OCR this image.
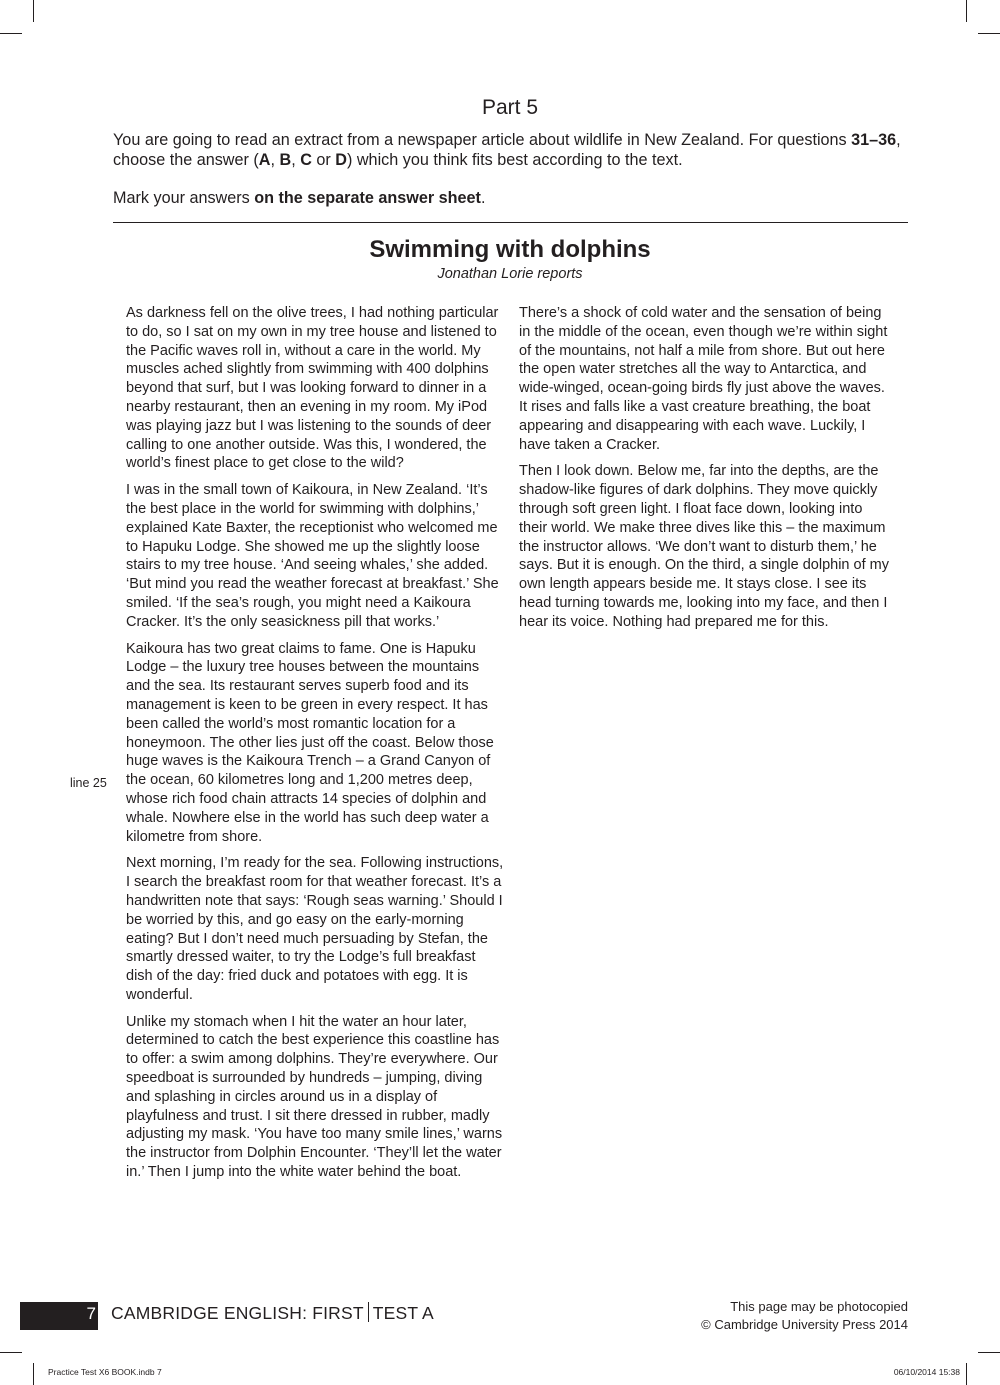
Part 5
You are going to read an extract from a newspaper article about wildlife in New Zealand. For questions 31–36, choose the answer (A, B, C or D) which you think fits best according to the text.
Mark your answers on the separate answer sheet.
Swimming with dolphins
Jonathan Lorie reports

As darkness fell on the olive trees, I had nothing particular to do, so I sat on my own in my tree house and listened to the Pacific waves roll in, without a care in the world. My muscles ached slightly from swimming with 400 dolphins beyond that surf, but I was looking forward to dinner in a nearby restaurant, then an evening in my room. My iPod was playing jazz but I was listening to the sounds of deer calling to one another outside. Was this, I wondered, the world’s finest place to get close to the wild?

I was in the small town of Kaikoura, in New Zealand. ‘It’s the best place in the world for swimming with dolphins,’ explained Kate Baxter, the receptionist who welcomed me to Hapuku Lodge. She showed me up the slightly loose stairs to my tree house. ‘And seeing whales,’ she added. ‘But mind you read the weather forecast at breakfast.’ She smiled. ‘If the sea’s rough, you might need a Kaikoura Cracker. It’s the only seasickness pill that works.’

Kaikoura has two great claims to fame. One is Hapuku Lodge – the luxury tree houses between the mountains and the sea. Its restaurant serves superb food and its management is keen to be green in every respect. It has been called the world’s most romantic location for a honeymoon. The other lies just off the coast. Below those huge waves is the Kaikoura Trench – a Grand Canyon of the ocean, 60 kilometres long and 1,200 metres deep, whose rich food chain attracts 14 species of dolphin and whale. Nowhere else in the world has such deep water a kilometre from shore.

Next morning, I’m ready for the sea. Following instructions, I search the breakfast room for that weather forecast. It’s a handwritten note that says: ‘Rough seas warning.’ Should I be worried by this, and go easy on the early-morning eating? But I don’t need much persuading by Stefan, the smartly dressed waiter, to try the Lodge’s full breakfast dish of the day: fried duck and potatoes with egg. It is wonderful.

Unlike my stomach when I hit the water an hour later, determined to catch the best experience this coastline has to offer: a swim among dolphins. They’re everywhere. Our speedboat is surrounded by hundreds – jumping, diving and splashing in circles around us in a display of playfulness and trust. I sit there dressed in rubber, madly adjusting my mask. ‘You have too many smile lines,’ warns the instructor from Dolphin Encounter. ‘They’ll let the water in.’ Then I jump into the white water behind the boat.

line 25

There’s a shock of cold water and the sensation of being in the middle of the ocean, even though we’re within sight of the mountains, not half a mile from shore. But out here the open water stretches all the way to Antarctica, and wide-winged, ocean-going birds fly just above the waves. It rises and falls like a vast creature breathing, the boat appearing and disappearing with each wave. Luckily, I have taken a Cracker.

Then I look down. Below me, far into the depths, are the shadow-like figures of dark dolphins. They move quickly through soft green light. I float face down, looking into their world. We make three dives like this – the maximum the instructor allows. ‘We don’t want to disturb them,’ he says. But it is enough. On the third, a single dolphin of my own length appears beside me. It stays close. I see its head turning towards me, looking into my face, and then I hear its voice. Nothing had prepared me for this.

7 CAMBRIDGE ENGLISH: FIRST TEST A	This page may be photocopied
© Cambridge University Press 2014
Practice Test X6 BOOK.indb 7	06/10/2014 15:38
